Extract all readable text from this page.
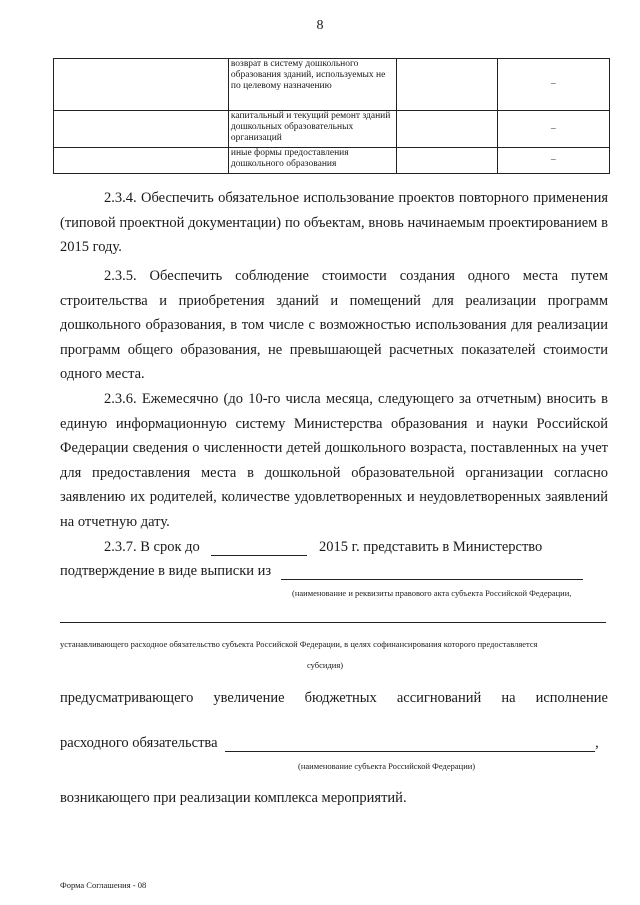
8
	возврат в систему дошкольного образования зданий, используемых не по целевому назначению		–
	капитальный и текущий ремонт зданий дошкольных образовательных организаций		–
	иные формы предоставления дошкольного образования		–
2.3.4. Обеспечить обязательное использование проектов повторного применения (типовой проектной документации) по объектам, вновь начинаемым проектированием в 2015 году.
2.3.5. Обеспечить соблюдение стоимости создания одного места путем строительства и приобретения зданий и помещений для реализации программ дошкольного образования, в том числе с возможностью использования для реализации программ общего образования, не превышающей расчетных показателей стоимости одного места.
2.3.6. Ежемесячно (до 10-го числа месяца, следующего за отчетным) вносить в единую информационную систему Министерства образования и науки Российской Федерации сведения о численности детей дошкольного возраста, поставленных на учет для предоставления места в дошкольной образовательной организации согласно заявлению их родителей, количестве удовлетворенных и неудовлетворенных заявлений на отчетную дату.
2.3.7. В срок до	2015 г. представить в Министерство
подтверждение в виде выписки из
(наименование и реквизиты правового акта субъекта Российской Федерации,
устанавливающего расходное обязательство субъекта Российской Федерации, в целях софинансирования которого предоставляется
субсидия)
предусматривающего увеличение бюджетных ассигнований на исполнение
расходного обязательства	,
(наименование субъекта Российской Федерации)
возникающего при реализации комплекса мероприятий.
Форма Соглашения - 08
